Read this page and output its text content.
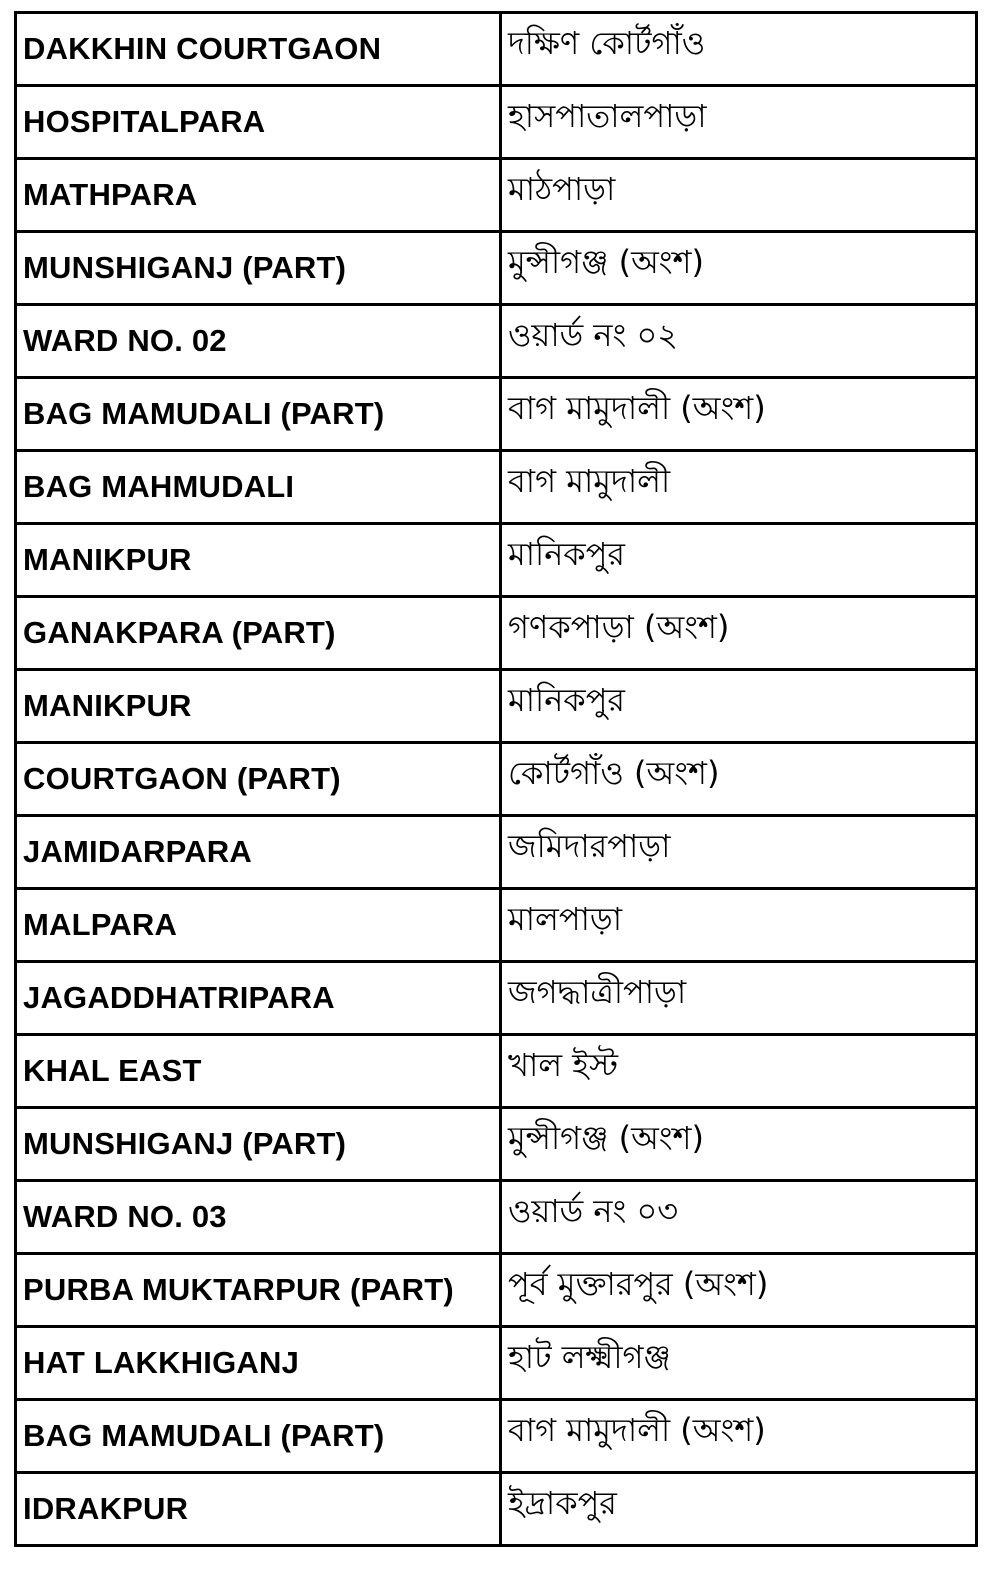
DAKKHIN COURTGAON	দক্ষিণ কোর্টগাঁও
HOSPITALPARA	হাসপাতালপাড়া
MATHPARA	মাঠপাড়া
MUNSHIGANJ (PART)	মুন্সীগঞ্জ (অংশ)
WARD NO. 02	ওয়ার্ড নং ০২
BAG MAMUDALI (PART)	বাগ মামুদালী (অংশ)
BAG MAHMUDALI	বাগ মামুদালী
MANIKPUR	মানিকপুর
GANAKPARA (PART)	গণকপাড়া (অংশ)
MANIKPUR	মানিকপুর
COURTGAON (PART)	কোর্টগাঁও (অংশ)
JAMIDARPARA	জমিদারপাড়া
MALPARA	মালপাড়া
JAGADDHATRIPARA	জগদ্ধাত্রীপাড়া
KHAL EAST	খাল ইস্ট
MUNSHIGANJ (PART)	মুন্সীগঞ্জ (অংশ)
WARD NO. 03	ওয়ার্ড নং ০৩
PURBA MUKTARPUR (PART)	পূর্ব মুক্তারপুর (অংশ)
HAT LAKKHIGANJ	হাট লক্ষ্মীগঞ্জ
BAG MAMUDALI (PART)	বাগ মামুদালী (অংশ)
IDRAKPUR	ইদ্রাকপুর
